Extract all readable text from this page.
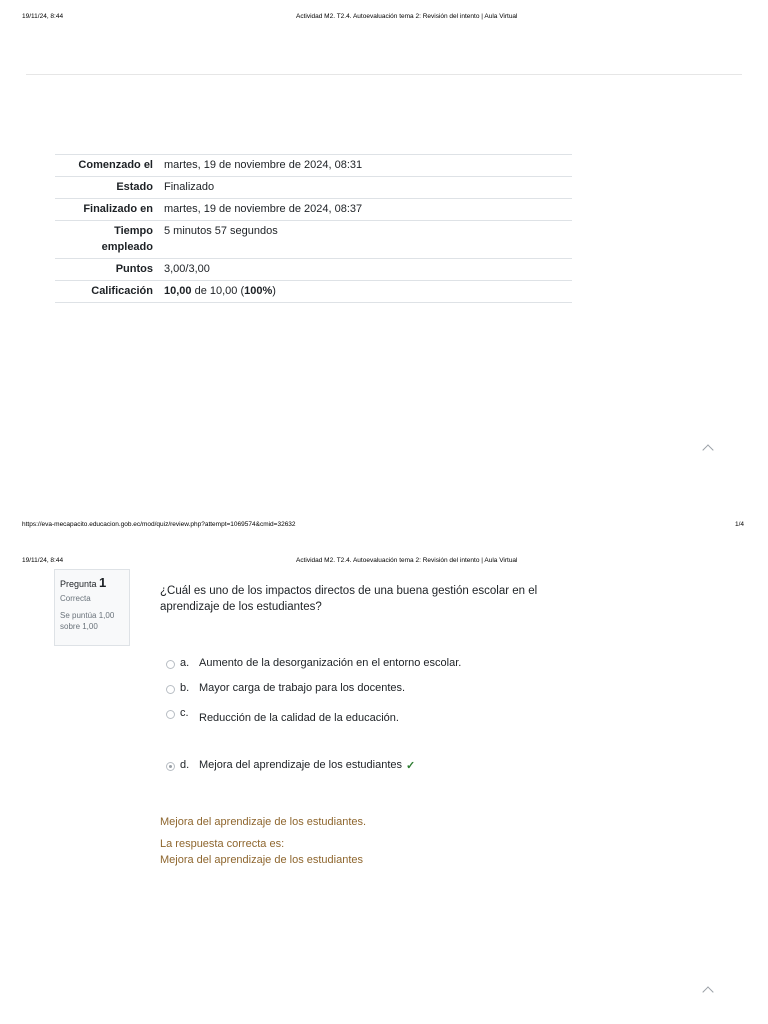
19/11/24, 8:44	Actividad M2. T2.4. Autoevaluación tema 2: Revisión del intento | Aula Virtual
Comenzado el	martes, 19 de noviembre de 2024, 08:31
Estado	Finalizado
Finalizado en	martes, 19 de noviembre de 2024, 08:37
Tiempo empleado	5 minutos 57 segundos
Puntos	3,00/3,00
Calificación	10,00 de 10,00 (100%)
https://eva-mecapacito.educacion.gob.ec/mod/quiz/review.php?attempt=1069574&cmid=32632	1/4
19/11/24, 8:44	Actividad M2. T2.4. Autoevaluación tema 2: Revisión del intento | Aula Virtual
Pregunta 1
Correcta
Se puntúa 1,00 sobre 1,00
¿Cuál es uno de los impactos directos de una buena gestión escolar en el aprendizaje de los estudiantes?
a. Aumento de la desorganización en el entorno escolar.
b. Mayor carga de trabajo para los docentes.
c. Reducción de la calidad de la educación.
d. Mejora del aprendizaje de los estudiantes ✓
Mejora del aprendizaje de los estudiantes.
La respuesta correcta es:
Mejora del aprendizaje de los estudiantes
